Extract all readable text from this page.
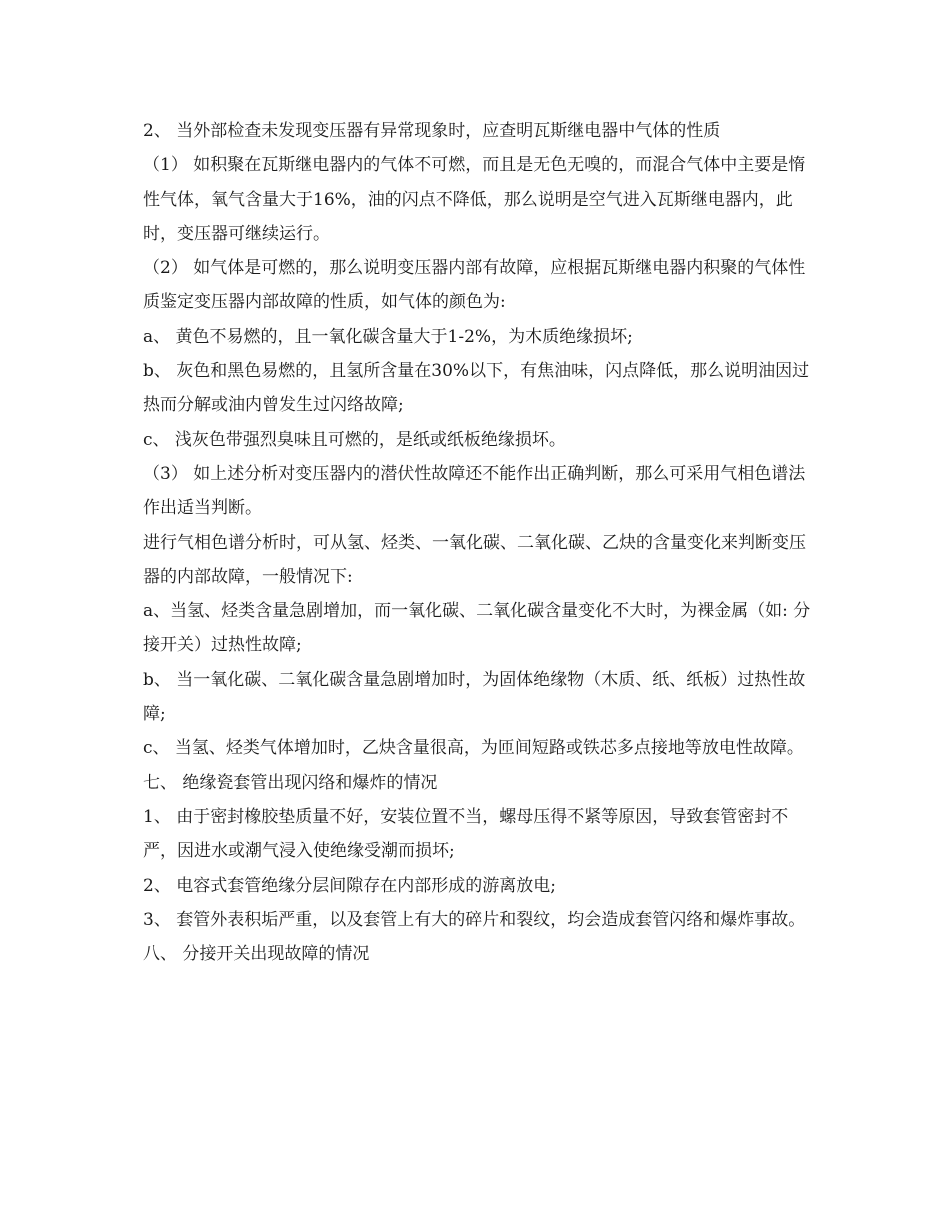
2、 当外部检查未发现变压器有异常现象时，应查明瓦斯继电器中气体的性质

（1） 如积聚在瓦斯继电器内的气体不可燃，而且是无色无嗅的，而混合气体中主要是惰性气体，氧气含量大于16%，油的闪点不降低，那么说明是空气进入瓦斯继电器内，此时，变压器可继续运行。

（2） 如气体是可燃的，那么说明变压器内部有故障，应根据瓦斯继电器内积聚的气体性质鉴定变压器内部故障的性质，如气体的颜色为:

a、 黄色不易燃的，且一氧化碳含量大于1-2%，为木质绝缘损坏;

b、 灰色和黑色易燃的，且氢所含量在30%以下，有焦油味，闪点降低，那么说明油因过热而分解或油内曾发生过闪络故障;

c、 浅灰色带强烈臭味且可燃的，是纸或纸板绝缘损坏。

（3） 如上述分析对变压器内的潜伏性故障还不能作出正确判断，那么可采用气相色谱法作出适当判断。

进行气相色谱分析时，可从氢、烃类、一氧化碳、二氧化碳、乙炔的含量变化来判断变压器的内部故障，一般情况下:

a、当氢、烃类含量急剧增加，而一氧化碳、二氧化碳含量变化不大时，为裸金属（如: 分接开关）过热性故障;

b、 当一氧化碳、二氧化碳含量急剧增加时，为固体绝缘物（木质、纸、纸板）过热性故障;

c、 当氢、烃类气体增加时，乙炔含量很高，为匝间短路或铁芯多点接地等放电性故障。

七、 绝缘瓷套管出现闪络和爆炸的情况

1、 由于密封橡胶垫质量不好，安装位置不当，螺母压得不紧等原因，导致套管密封不严，因进水或潮气浸入使绝缘受潮而损坏;

2、 电容式套管绝缘分层间隙存在内部形成的游离放电;

3、 套管外表积垢严重，以及套管上有大的碎片和裂纹，均会造成套管闪络和爆炸事故。

八、 分接开关出现故障的情况
